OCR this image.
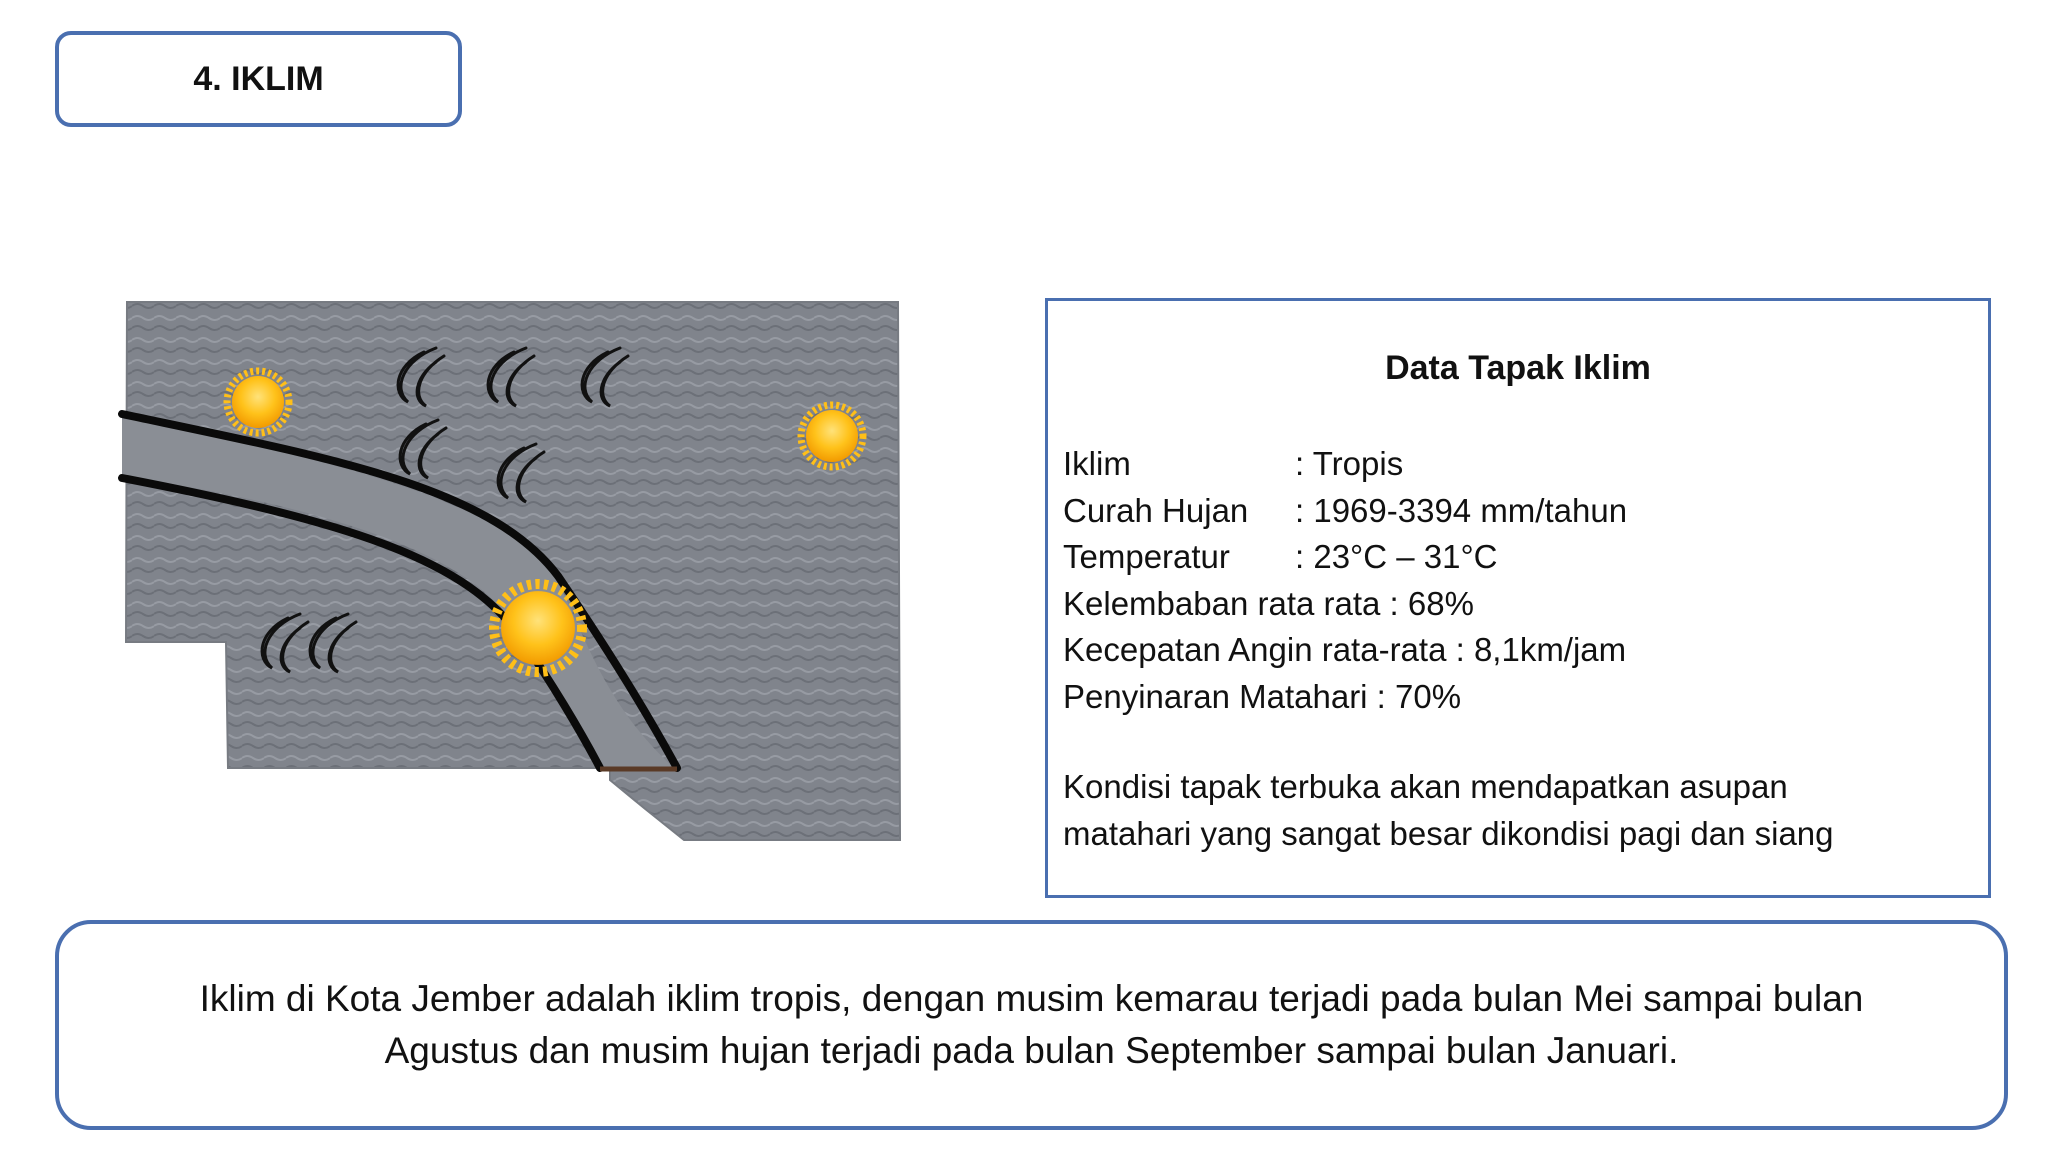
4. IKLIM
Data Tapak Iklim
Iklim	: Tropis
Curah Hujan : 1969-3394 mm/tahun
Temperatur : 23°C – 31°C
Kelembaban rata rata : 68%
Kecepatan Angin rata-rata : 8,1km/jam
Penyinaran Matahari : 70%
Kondisi tapak terbuka akan mendapatkan asupan
matahari yang sangat besar dikondisi pagi dan siang
Iklim di Kota Jember adalah iklim tropis, dengan musim kemarau terjadi pada bulan Mei sampai bulan
Agustus dan musim hujan terjadi pada bulan September sampai bulan Januari.
